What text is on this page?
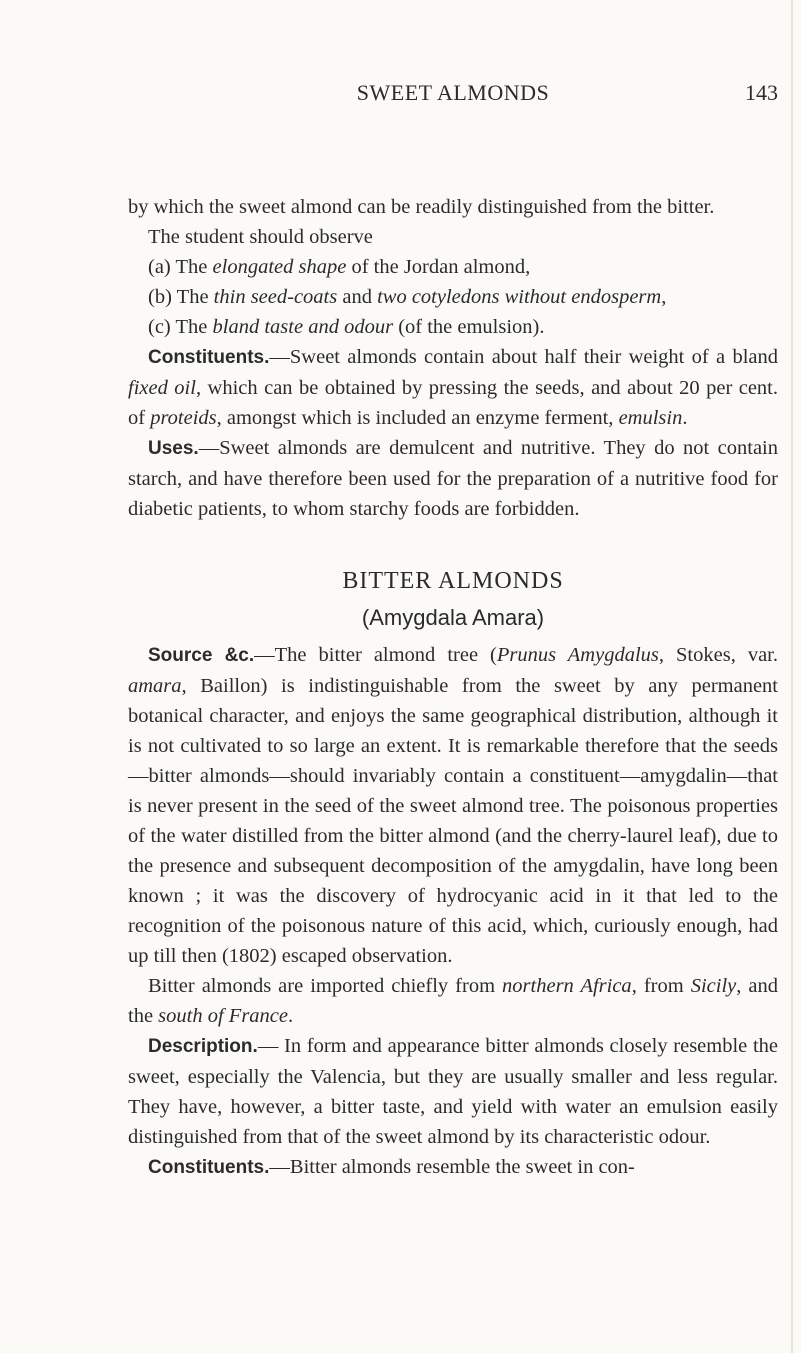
SWEET ALMONDS	143

by which the sweet almond can be readily distinguished from the bitter.

The student should observe

(a) The elongated shape of the Jordan almond,

(b) The thin seed-coats and two cotyledons without endosperm,

(c) The bland taste and odour (of the emulsion).

Constituents.—Sweet almonds contain about half their weight of a bland fixed oil, which can be obtained by pressing the seeds, and about 20 per cent. of proteids, amongst which is included an enzyme ferment, emulsin.

Uses.—Sweet almonds are demulcent and nutritive. They do not contain starch, and have therefore been used for the preparation of a nutritive food for diabetic patients, to whom starchy foods are forbidden.

BITTER ALMONDS

(Amygdala Amara)

Source &c.—The bitter almond tree (Prunus Amygdalus, Stokes, var. amara, Baillon) is indistinguishable from the sweet by any permanent botanical character, and enjoys the same geographical distribution, although it is not cultivated to so large an extent. It is remarkable therefore that the seeds—bitter almonds—should invariably contain a constituent—amygdalin—that is never present in the seed of the sweet almond tree. The poisonous properties of the water distilled from the bitter almond (and the cherry-laurel leaf), due to the presence and subsequent decomposition of the amygdalin, have long been known ; it was the discovery of hydrocyanic acid in it that led to the recognition of the poisonous nature of this acid, which, curiously enough, had up till then (1802) escaped observation.

Bitter almonds are imported chiefly from northern Africa, from Sicily, and the south of France.

Description.— In form and appearance bitter almonds closely resemble the sweet, especially the Valencia, but they are usually smaller and less regular. They have, however, a bitter taste, and yield with water an emulsion easily distinguished from that of the sweet almond by its characteristic odour.

Constituents.—Bitter almonds resemble the sweet in con-
